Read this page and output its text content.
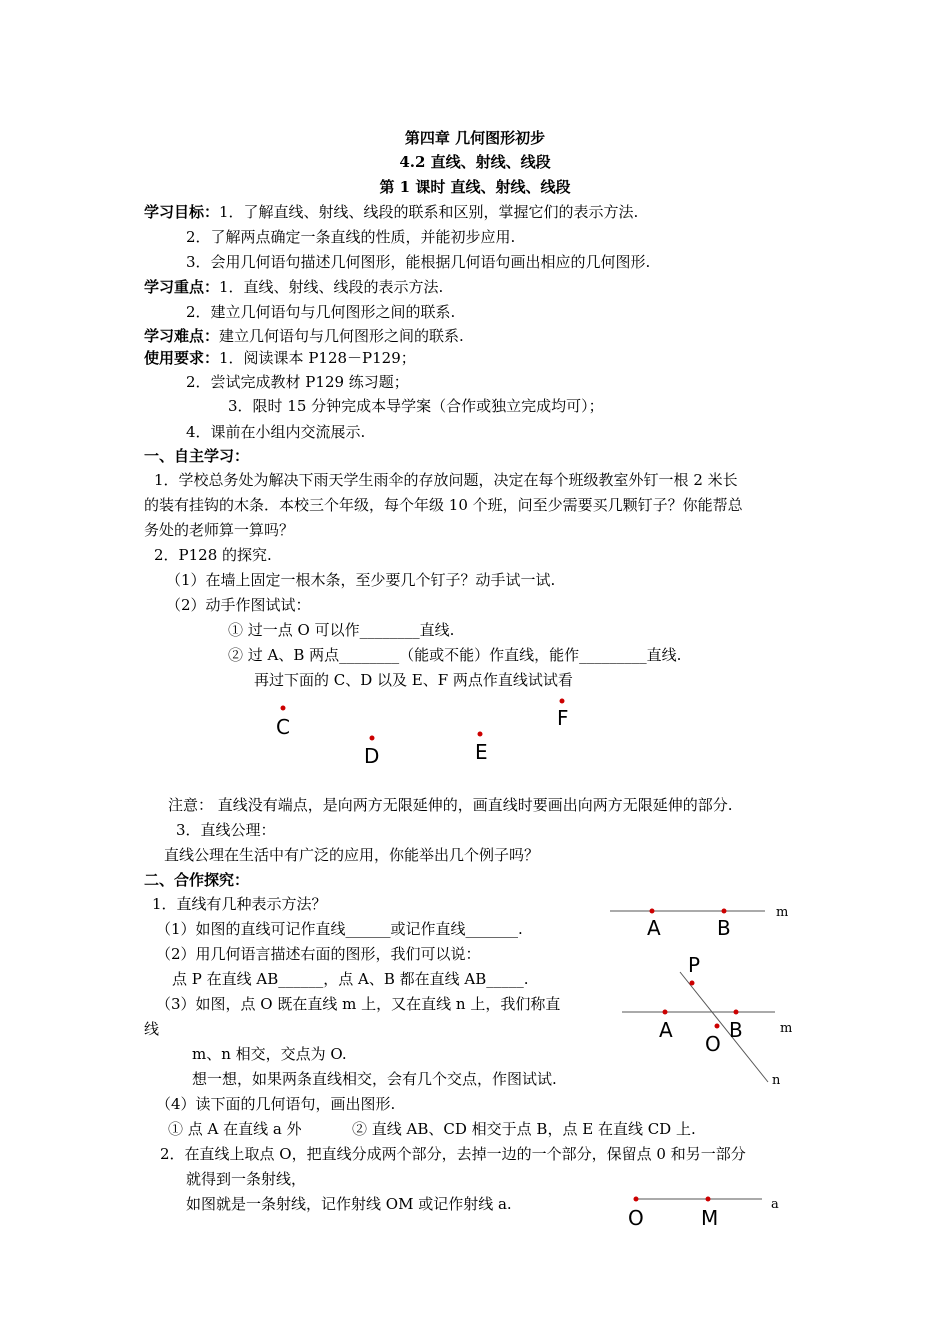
第四章 几何图形初步
4.2 直线、射线、线段
第 1 课时 直线、射线、线段
学习目标：1．了解直线、射线、线段的联系和区别，掌握它们的表示方法.
2．了解两点确定一条直线的性质，并能初步应用.
3．会用几何语句描述几何图形，能根据几何语句画出相应的几何图形.
学习重点：1．直线、射线、线段的表示方法.
2．建立几何语句与几何图形之间的联系.
学习难点：建立几何语句与几何图形之间的联系.
使用要求：1．阅读课本 P128－P129；
2．尝试完成教材 P129 练习题；
3．限时 15 分钟完成本导学案（合作或独立完成均可）；
4．课前在小组内交流展示.
一、自主学习：
1．学校总务处为解决下雨天学生雨伞的存放问题，决定在每个班级教室外钉一根 2 米长
的装有挂钩的木条．本校三个年级，每个年级 10 个班，问至少需要买几颗钉子？你能帮总
务处的老师算一算吗？
2．P128 的探究.
（1）在墙上固定一根木条，至少要几个钉子？动手试一试.
（2）动手作图试试：
① 过一点 O 可以作________直线.
② 过 A、B 两点________（能或不能）作直线，能作_________直线.
再过下面的 C、D 以及 E、F 两点作直线试试看
注意： 直线没有端点，是向两方无限延伸的，画直线时要画出向两方无限延伸的部分.
3．直线公理：
直线公理在生活中有广泛的应用，你能举出几个例子吗？
二、合作探究：
1．直线有几种表示方法？
（1）如图的直线可记作直线______或记作直线_______.
（2）用几何语言描述右面的图形，我们可以说：
点 P 在直线 AB______，点 A、B 都在直线 AB_____.
（3）如图，点 O 既在直线 m 上，又在直线 n 上，我们称直
线
m、n 相交，交点为 O.
想一想，如果两条直线相交，会有几个交点，作图试试.
（4）读下面的几何语句，画出图形.
① 点 A 在直线 a 外	② 直线 AB、CD 相交于点 B，点 E 在直线 CD 上.
2．在直线上取点 O，把直线分成两个部分，去掉一边的一个部分，保留点 0 和另一部分
就得到一条射线，
如图就是一条射线，记作射线 OM 或记作射线 a.
C
D	E
F
A	B
m
P
A	B
O
m
n
O	M
a
